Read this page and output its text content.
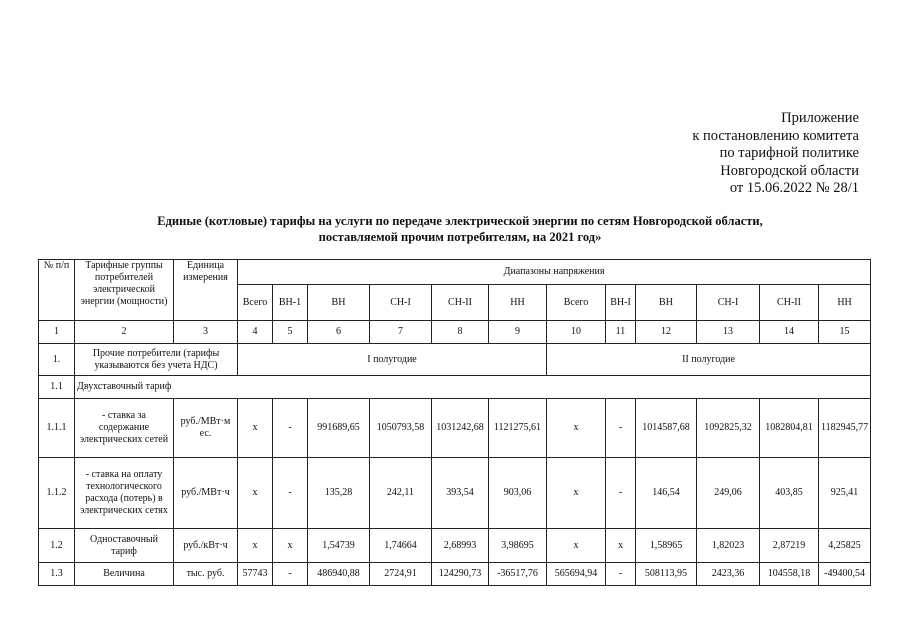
Приложение
к постановлению комитета
по тарифной политике
Новгородской области
от 15.06.2022 № 28/1
Единые (котловые) тарифы на услуги по передаче электрической энергии по сетям Новгородской области,
поставляемой прочим потребителям, на 2021 год»
№ п/п	Тарифные группы потребителей электрической энергии (мощности)	Единица измерения	Диапазоны напряжения											
			Всего	ВН-1	ВН	СН-I	СН-II	НН	Всего	ВН-I	ВН	СН-I	СН-II	НН
1	2	3	4	5	6	7	8	9	10	11	12	13	14	15
1.	Прочие потребители (тарифы указываются без учета НДС)		I полугодие						II полугодие					
1.1	Двухставочный тариф													
1.1.1	- ставка за содержание электрических сетей	руб./МВт·м ес.	х	-	991689,65	1050793,58	1031242,68	1121275,61	х	-	1014587,68	1092825,32	1082804,81	1182945,77
1.1.2	- ставка на оплату технологического расхода (потерь) в электрических сетях	руб./МВт·ч	х	-	135,28	242,11	393,54	903,06	х	-	146,54	249,06	403,85	925,41
1.2	Одноставочный тариф	руб./кВт·ч	х	х	1,54739	1,74664	2,68993	3,98695	х	х	1,58965	1,82023	2,87219	4,25825
1.3	Величина	тыс. руб.	57743	-	486940,88	2724,91	124290,73	-36517,76	565694,94	-	508113,95	2423,36	104558,18	-49400,54
